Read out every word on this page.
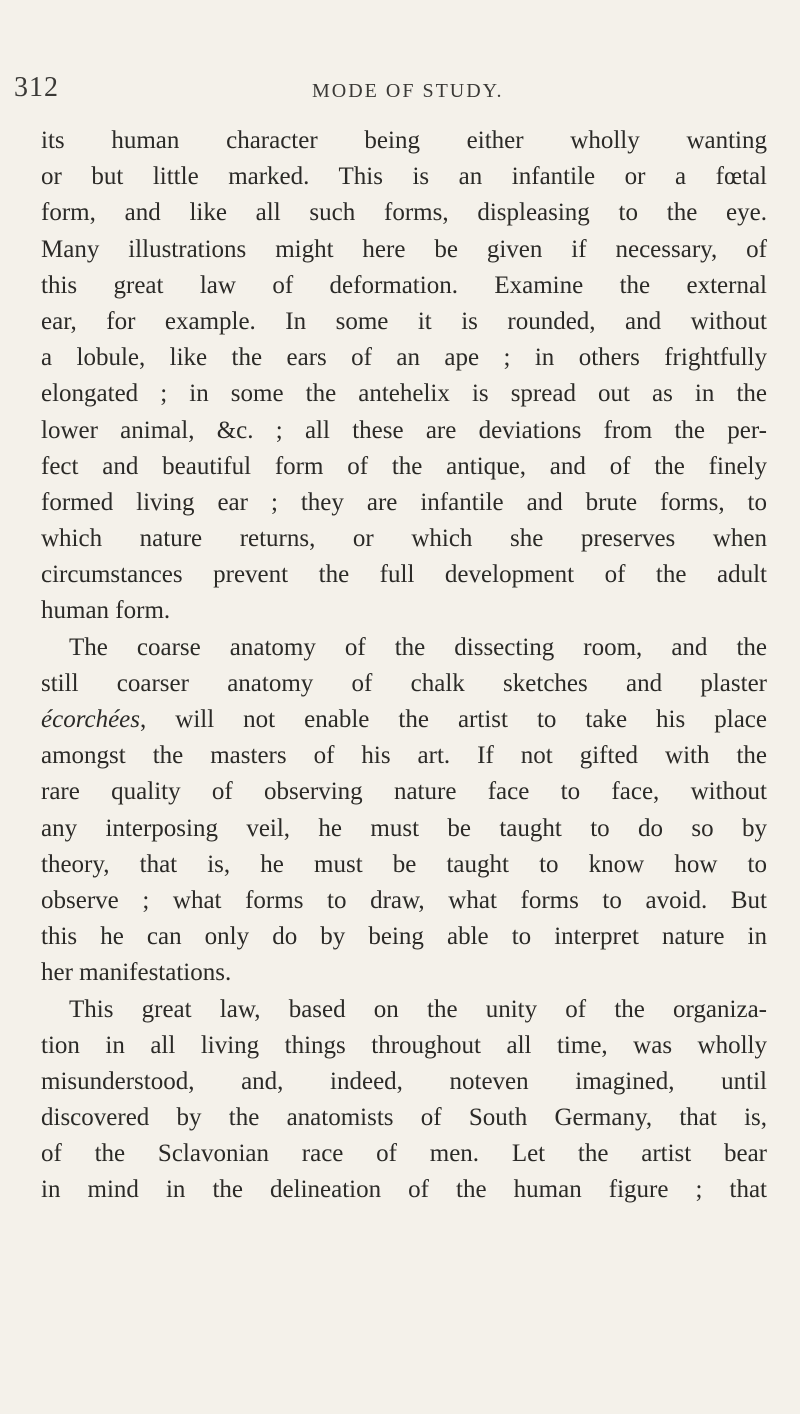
312	MODE OF STUDY.
its human character being either wholly wanting
or but little marked. This is an infantile or a fœtal
form, and like all such forms, displeasing to the eye.
Many illustrations might here be given if necessary, of
this great law of deformation. Examine the external
ear, for example. In some it is rounded, and without
a lobule, like the ears of an ape ; in others frightfully
elongated ; in some the antehelix is spread out as in the
lower animal, &c. ; all these are deviations from the per-
fect and beautiful form of the antique, and of the finely
formed living ear ; they are infantile and brute forms, to
which nature returns, or which she preserves when
circumstances prevent the full development of the adult
human form.
The coarse anatomy of the dissecting room, and the
still coarser anatomy of chalk sketches and plaster
écorchées, will not enable the artist to take his place
amongst the masters of his art. If not gifted with the
rare quality of observing nature face to face, without
any interposing veil, he must be taught to do so by
theory, that is, he must be taught to know how to
observe ; what forms to draw, what forms to avoid. But
this he can only do by being able to interpret nature in
her manifestations.
This great law, based on the unity of the organiza-
tion in all living things throughout all time, was wholly
misunderstood, and, indeed, noteven imagined, until
discovered by the anatomists of South Germany, that is,
of the Sclavonian race of men. Let the artist bear
in mind in the delineation of the human figure ; that
